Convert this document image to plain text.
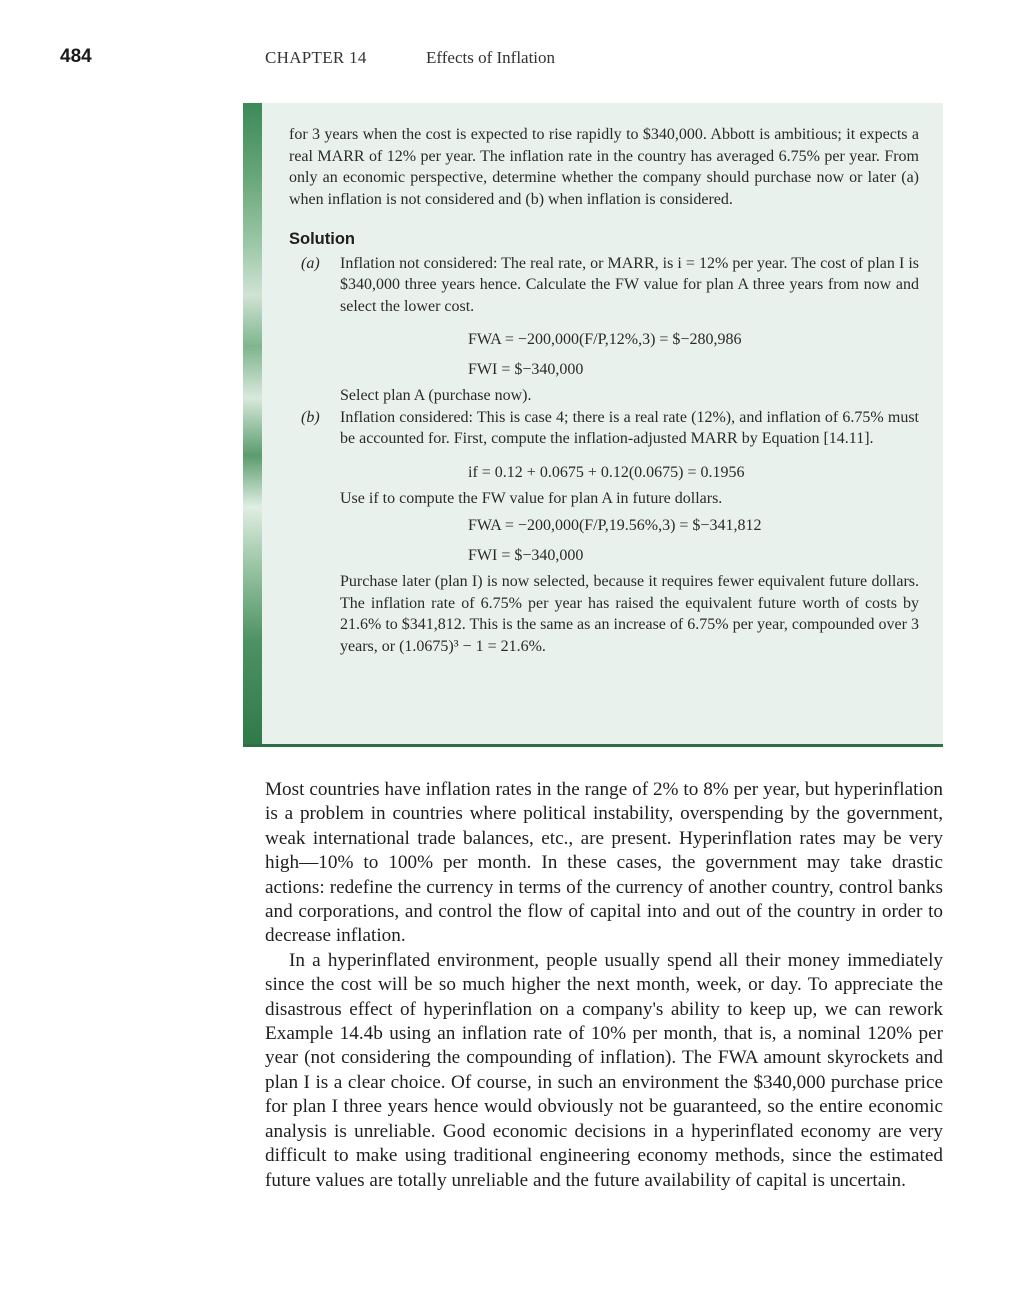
484	CHAPTER 14	Effects of Inflation

for 3 years when the cost is expected to rise rapidly to $340,000. Abbott is ambitious; it expects a real MARR of 12% per year. The inflation rate in the country has averaged 6.75% per year. From only an economic perspective, determine whether the company should purchase now or later (a) when inflation is not considered and (b) when inflation is considered.

Solution
(a) Inflation not considered: The real rate, or MARR, is i = 12% per year. The cost of plan I is $340,000 three years hence. Calculate the FW value for plan A three years from now and select the lower cost.

FWA = −200,000(F/P,12%,3) = $−280,986
FWI = $−340,000

Select plan A (purchase now).

(b) Inflation considered: This is case 4; there is a real rate (12%), and inflation of 6.75% must be accounted for. First, compute the inflation-adjusted MARR by Equation [14.11].

if = 0.12 + 0.0675 + 0.12(0.0675) = 0.1956

Use if to compute the FW value for plan A in future dollars.

FWA = −200,000(F/P,19.56%,3) = $−341,812
FWI = $−340,000

Purchase later (plan I) is now selected, because it requires fewer equivalent future dollars. The inflation rate of 6.75% per year has raised the equivalent future worth of costs by 21.6% to $341,812. This is the same as an increase of 6.75% per year, compounded over 3 years, or (1.0675)³ − 1 = 21.6%.

Most countries have inflation rates in the range of 2% to 8% per year, but hyperinflation is a problem in countries where political instability, overspending by the government, weak international trade balances, etc., are present. Hyperinflation rates may be very high—10% to 100% per month. In these cases, the government may take drastic actions: redefine the currency in terms of the currency of another country, control banks and corporations, and control the flow of capital into and out of the country in order to decrease inflation.

In a hyperinflated environment, people usually spend all their money immediately since the cost will be so much higher the next month, week, or day. To appreciate the disastrous effect of hyperinflation on a company's ability to keep up, we can rework Example 14.4b using an inflation rate of 10% per month, that is, a nominal 120% per year (not considering the compounding of inflation). The FWA amount skyrockets and plan I is a clear choice. Of course, in such an environment the $340,000 purchase price for plan I three years hence would obviously not be guaranteed, so the entire economic analysis is unreliable. Good economic decisions in a hyperinflated economy are very difficult to make using traditional engineering economy methods, since the estimated future values are totally unreliable and the future availability of capital is uncertain.
